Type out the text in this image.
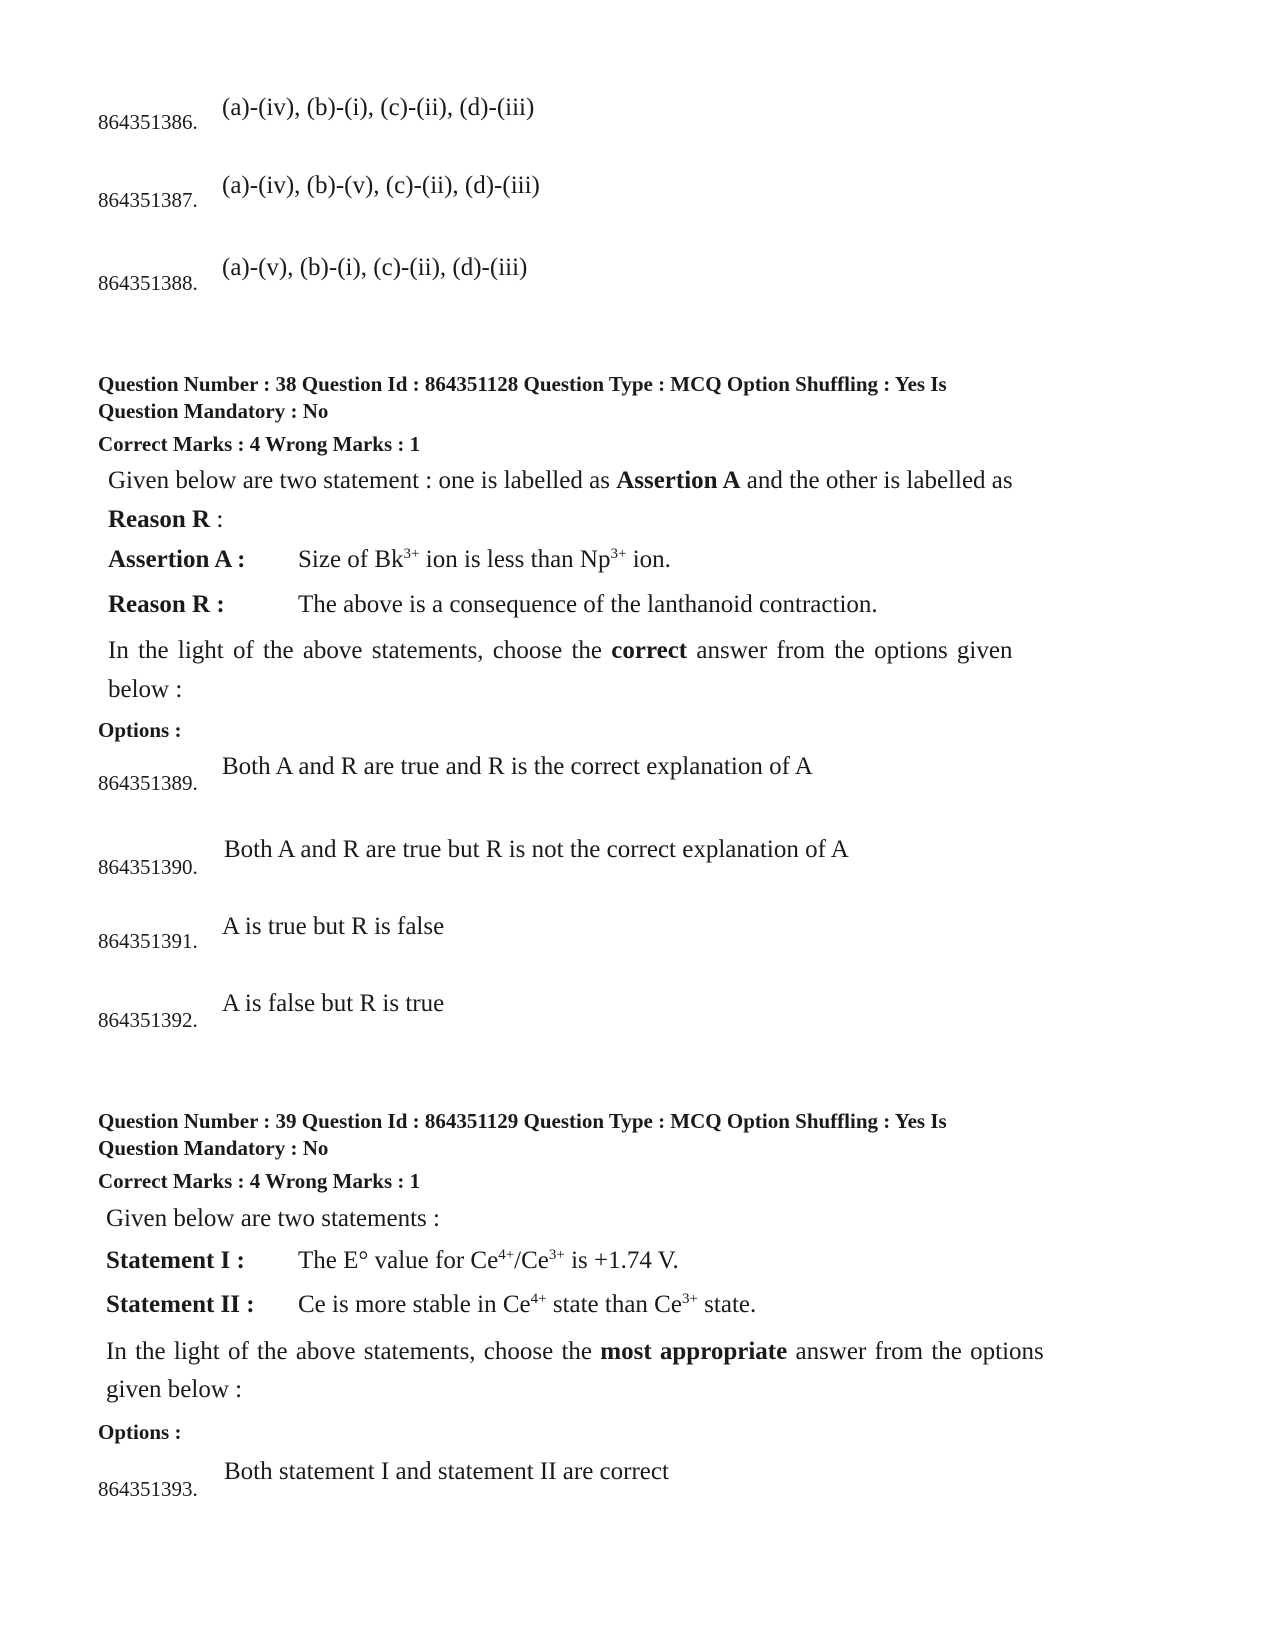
864351386.
(a)-(iv), (b)-(i), (c)-(ii), (d)-(iii)
864351387.
(a)-(iv), (b)-(v), (c)-(ii), (d)-(iii)
864351388.
(a)-(v), (b)-(i), (c)-(ii), (d)-(iii)
Question Number : 38 Question Id : 864351128 Question Type : MCQ Option Shuffling : Yes Is
Question Mandatory : No
Correct Marks : 4 Wrong Marks : 1
Given below are two statement : one is labelled as Assertion A and the other is labelled as
Reason R :
Assertion A : Size of $Bk^{3+}$ ion is less than $Np^{3+}$ ion.
Reason R :	The above is a consequence of the lanthanoid contraction.
In the light of the above statements, choose the correct answer from the options given
below :
Options :
864351389.
Both A and R are true and R is the correct explanation of A
864351390.
Both A and R are true but R is not the correct explanation of A
864351391.
A is true but R is false
864351392.
A is false but R is true
Question Number : 39 Question Id : 864351129 Question Type : MCQ Option Shuffling : Yes Is
Question Mandatory : No
Correct Marks : 4 Wrong Marks : 1
Given below are two statements :
Statement I : The E° value for $Ce^{4+}/Ce^{3+}$ is +1.74 V.
Statement II : Ce is more stable in $Ce^{4+}$ state than $Ce^{3+}$ state.
In the light of the above statements, choose the most appropriate answer from the options
given below :
Options :
864351393.
Both statement I and statement II are correct
